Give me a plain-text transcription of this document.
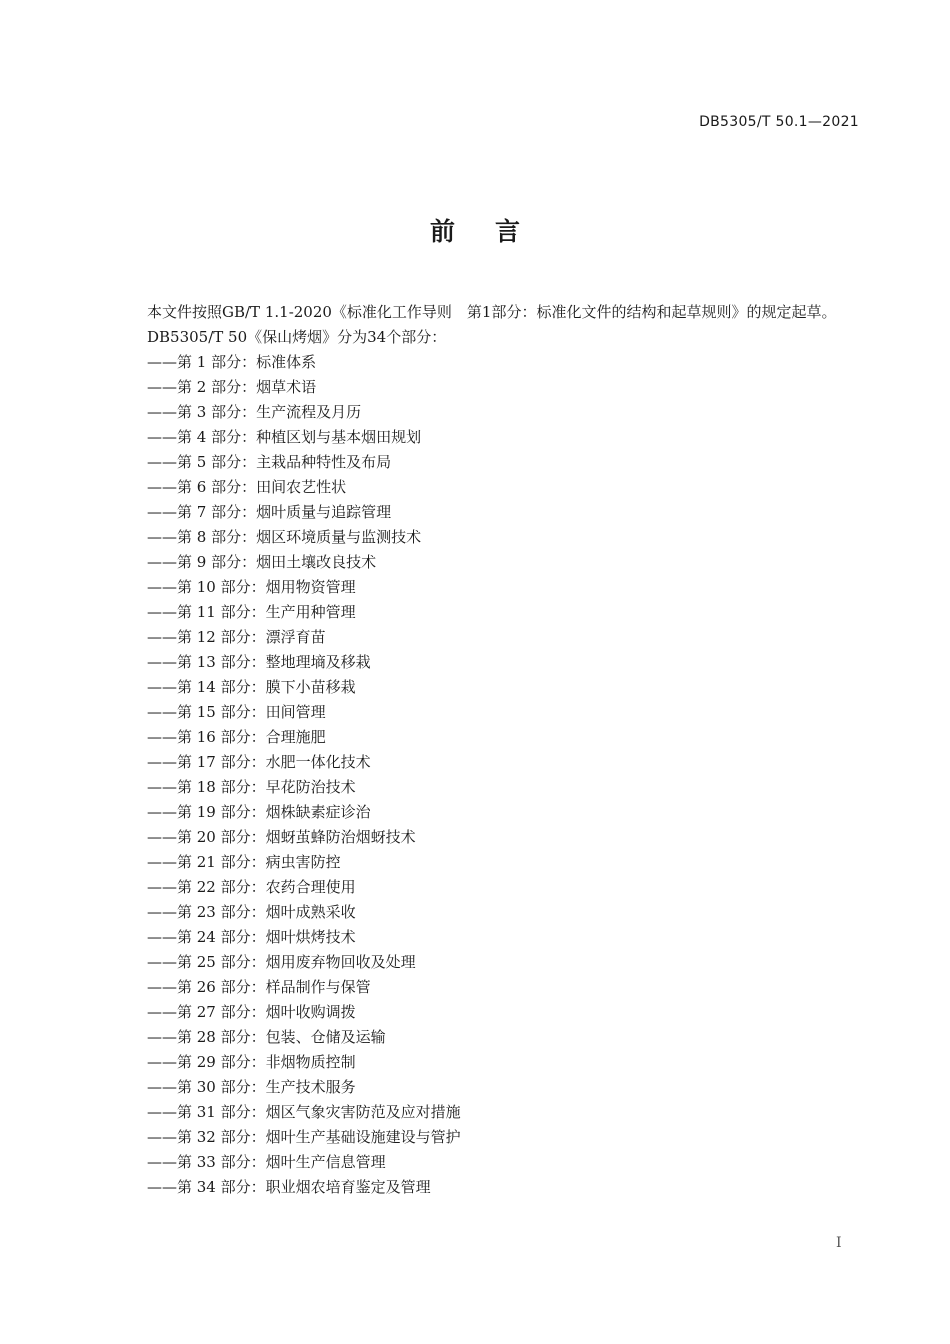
DB5305/T 50.1—2021
前言

本文件按照GB/T 1.1-2020《标准化工作导则　第1部分：标准化文件的结构和起草规则》的规定起草。

DB5305/T 50《保山烤烟》分为34个部分：

——第 1 部分：标准体系
——第 2 部分：烟草术语
——第 3 部分：生产流程及月历
——第 4 部分：种植区划与基本烟田规划
——第 5 部分：主栽品种特性及布局
——第 6 部分：田间农艺性状
——第 7 部分：烟叶质量与追踪管理
——第 8 部分：烟区环境质量与监测技术
——第 9 部分：烟田土壤改良技术
——第 10 部分：烟用物资管理
——第 11 部分：生产用种管理
——第 12 部分：漂浮育苗
——第 13 部分：整地理墒及移栽
——第 14 部分：膜下小苗移栽
——第 15 部分：田间管理
——第 16 部分：合理施肥
——第 17 部分：水肥一体化技术
——第 18 部分：早花防治技术
——第 19 部分：烟株缺素症诊治
——第 20 部分：烟蚜茧蜂防治烟蚜技术
——第 21 部分：病虫害防控
——第 22 部分：农药合理使用
——第 23 部分：烟叶成熟采收
——第 24 部分：烟叶烘烤技术
——第 25 部分：烟用废弃物回收及处理
——第 26 部分：样品制作与保管
——第 27 部分：烟叶收购调拨
——第 28 部分：包装、仓储及运输
——第 29 部分：非烟物质控制
——第 30 部分：生产技术服务
——第 31 部分：烟区气象灾害防范及应对措施
——第 32 部分：烟叶生产基础设施建设与管护
——第 33 部分：烟叶生产信息管理
——第 34 部分：职业烟农培育鉴定及管理
I
